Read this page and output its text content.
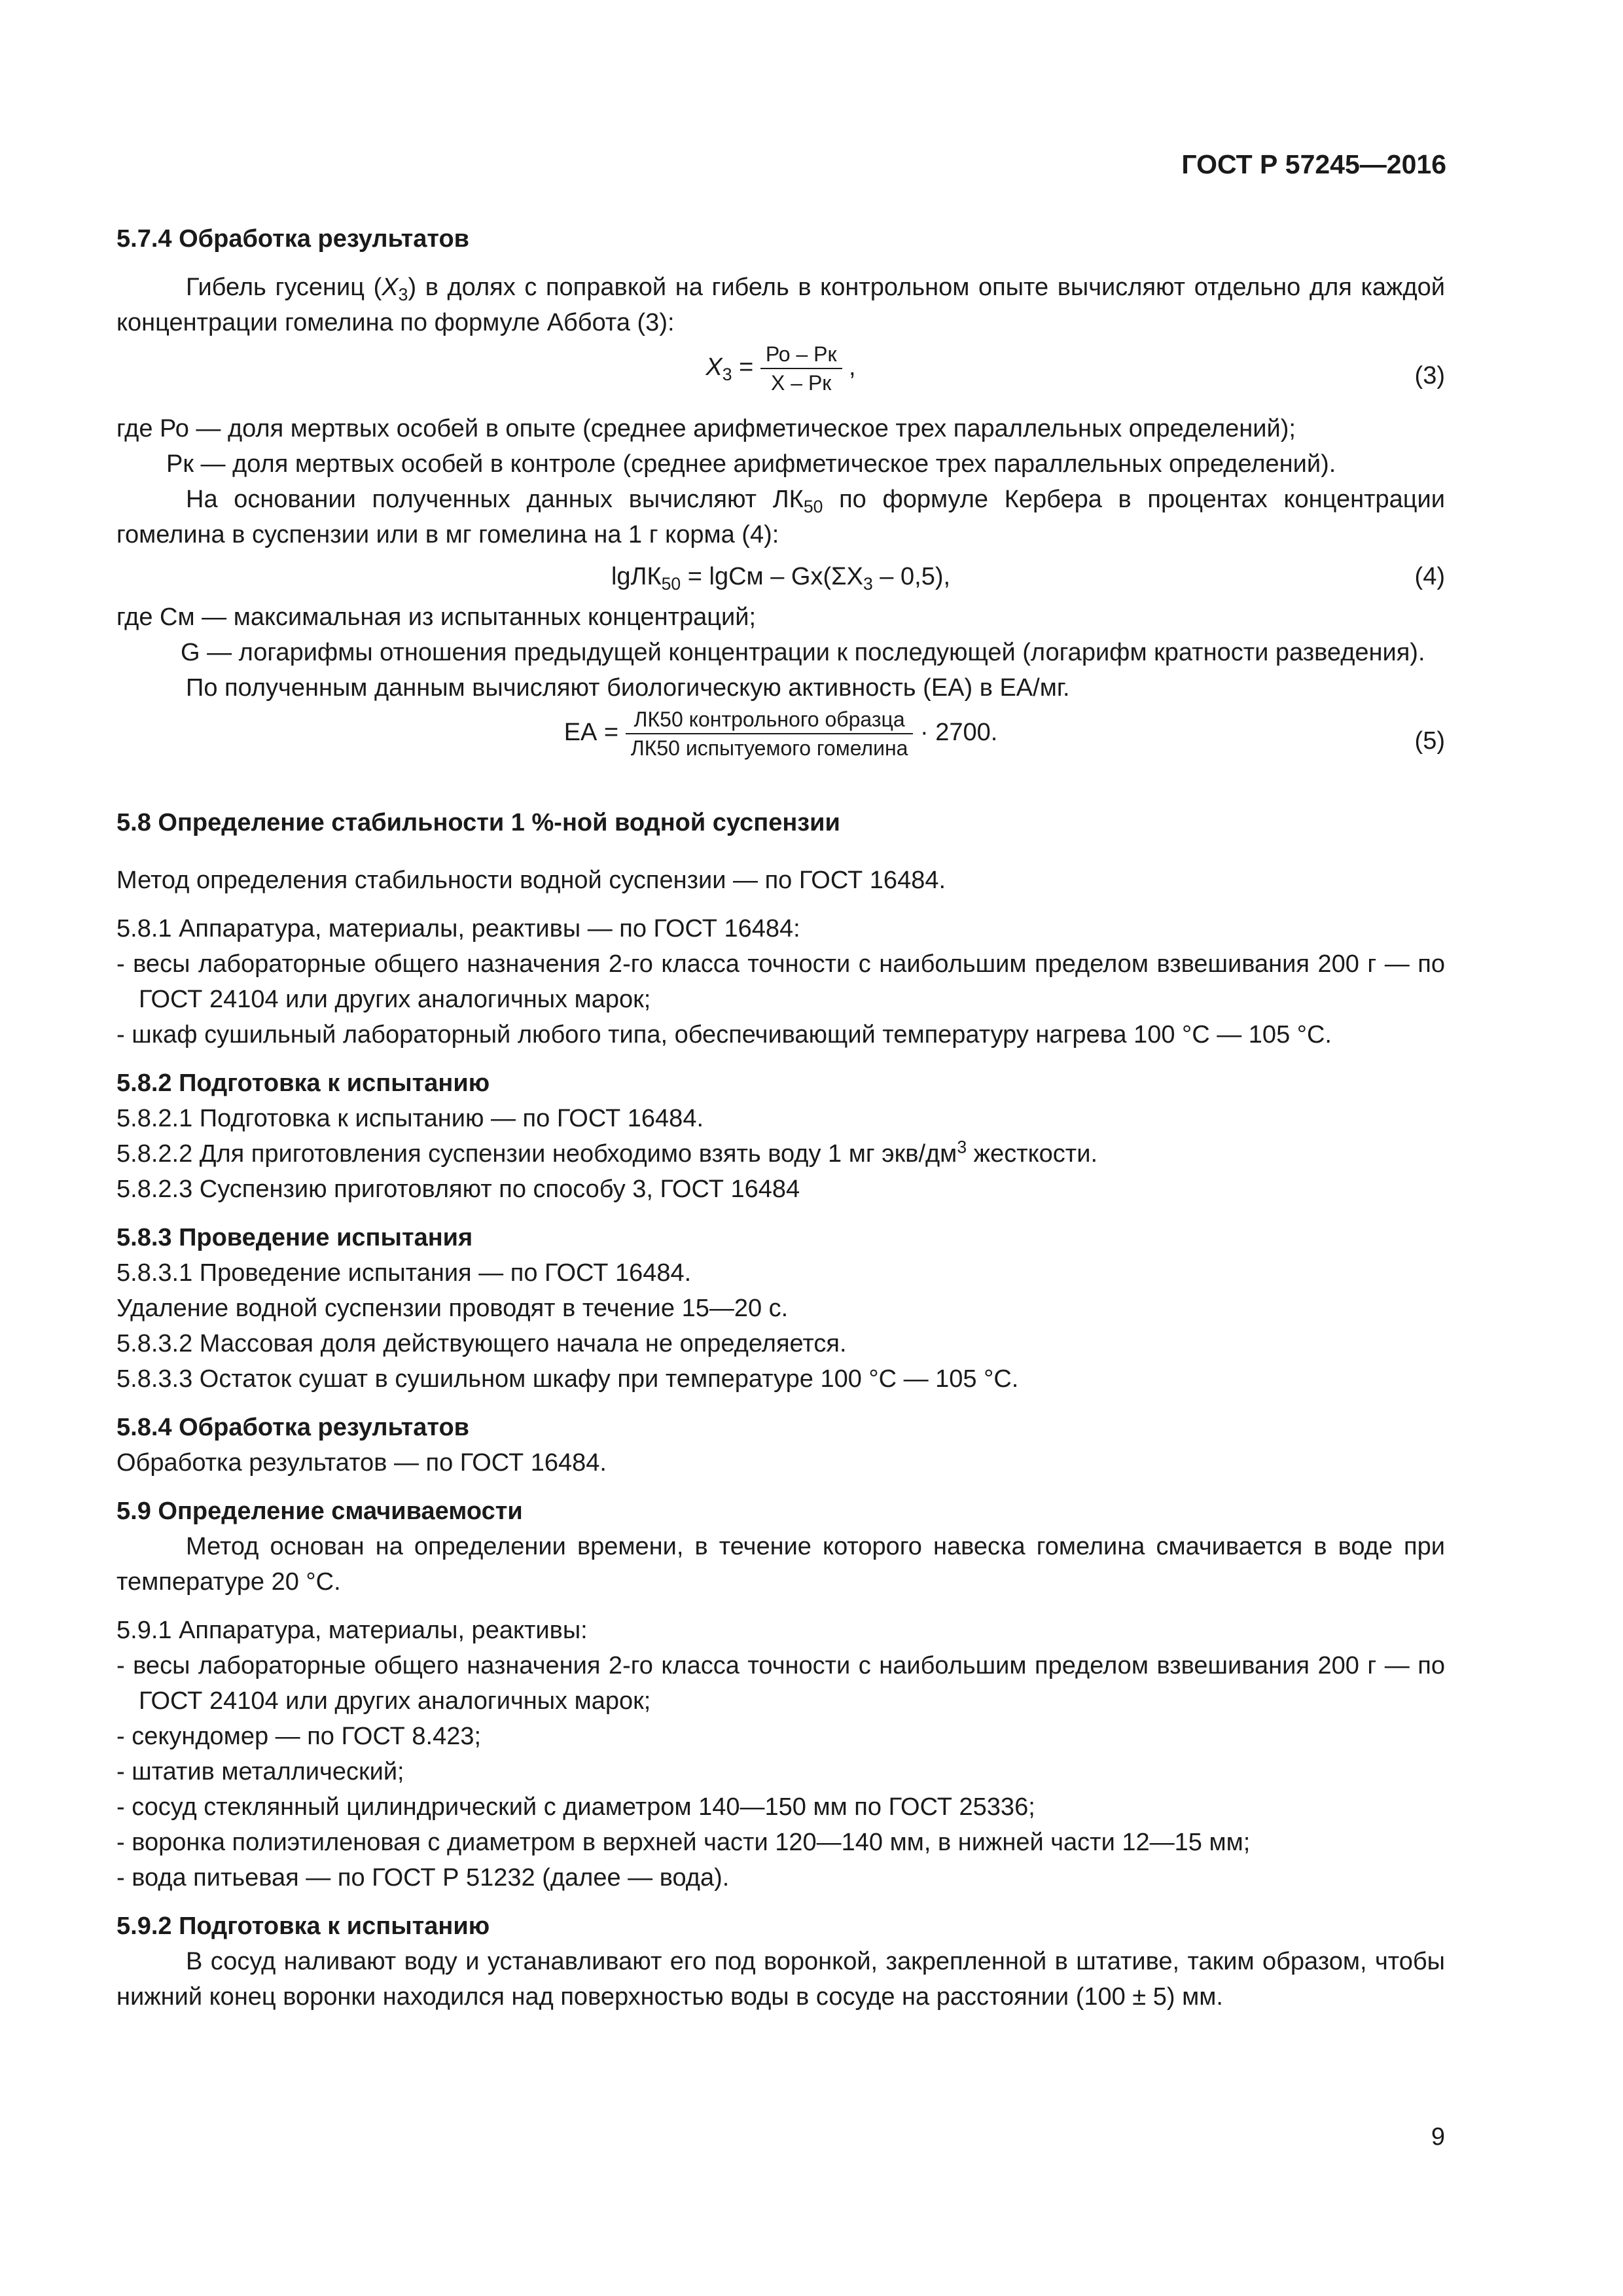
ГОСТ Р 57245—2016

5.7.4 Обработка результатов

Гибель гусениц $(X_3)$ в долях с поправкой на гибель в контрольном опыте вычисляют отдельно для каждой концентрации гомелина по формуле Аббота (3):

$X_3 = \frac{Ро - Рк}{X - Рк}$ ,	(3)

где Ро — доля мертвых особей в опыте (среднее арифметическое трех параллельных определений);

Рк — доля мертвых особей в контроле (среднее арифметическое трех параллельных определений).

На основании полученных данных вычисляют $ЛК_{50}$ по формуле Кербера в процентах концентрации гомелина в суспензии или в мг гомелина на 1 г корма (4):

$\lg ЛК_{50} = \lg Cм - Gх(\Sigma X_3 - 0,5)$,	(4)

где См — максимальная из испытанных концентраций;

G — логарифмы отношения предыдущей концентрации к последующей (логарифм кратности разведения).

По полученным данным вычисляют биологическую активность (ЕА) в ЕА/мг.

ЕА = $\frac{\text{ЛК50 контрольного образца}}{\text{ЛК50 испытуемого гомелина}} \cdot 2700$.	(5)

5.8 Определение стабильности 1 %-ной водной суспензии

Метод определения стабильности водной суспензии — по ГОСТ 16484.

5.8.1 Аппаратура, материалы, реактивы — по ГОСТ 16484:

- весы лабораторные общего назначения 2-го класса точности с наибольшим пределом взвешивания 200 г — по ГОСТ 24104 или других аналогичных марок;

- шкаф сушильный лабораторный любого типа, обеспечивающий температуру нагрева 100 °С — 105 °С.

5.8.2 Подготовка к испытанию

5.8.2.1 Подготовка к испытанию — по ГОСТ 16484.

5.8.2.2 Для приготовления суспензии необходимо взять воду 1 мг экв/$дм^3$ жесткости.

5.8.2.3 Суспензию приготовляют по способу 3, ГОСТ 16484

5.8.3 Проведение испытания

5.8.3.1 Проведение испытания — по ГОСТ 16484.

Удаление водной суспензии проводят в течение 15—20 с.

5.8.3.2 Массовая доля действующего начала не определяется.

5.8.3.3 Остаток сушат в сушильном шкафу при температуре 100 °С — 105 °С.

5.8.4 Обработка результатов

Обработка результатов — по ГОСТ 16484.

5.9 Определение смачиваемости

Метод основан на определении времени, в течение которого навеска гомелина смачивается в воде при температуре 20 °С.

5.9.1 Аппаратура, материалы, реактивы:

- весы лабораторные общего назначения 2-го класса точности с наибольшим пределом взвешивания 200 г — по ГОСТ 24104 или других аналогичных марок;

- секундомер — по ГОСТ 8.423;

- штатив металлический;

- сосуд стеклянный цилиндрический с диаметром 140—150 мм по ГОСТ 25336;

- воронка полиэтиленовая с диаметром в верхней части 120—140 мм, в нижней части 12—15 мм;

- вода питьевая — по ГОСТ Р 51232 (далее — вода).

5.9.2 Подготовка к испытанию

В сосуд наливают воду и устанавливают его под воронкой, закрепленной в штативе, таким образом, чтобы нижний конец воронки находился над поверхностью воды в сосуде на расстоянии (100 ± 5) мм.

9
